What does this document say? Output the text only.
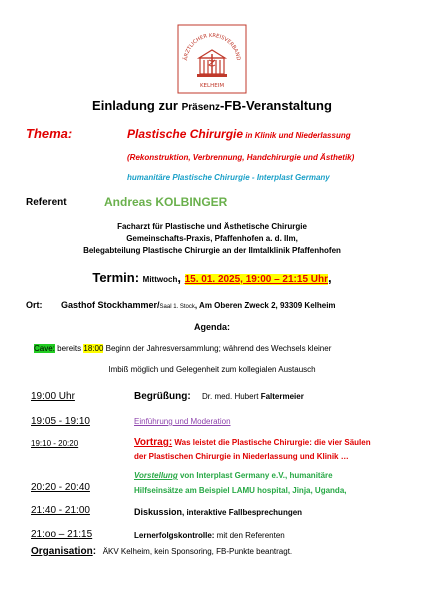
ÄRZTLICHER KREISVERBAND
KELHEIM
Einladung zur Präsenz-FB-Veranstaltung
Thema:	Plastische Chirurgie in Klinik und Niederlassung
(Rekonstruktion, Verbrennung, Handchirurgie und Ästhetik)
humanitäre Plastische Chirurgie - Interplast Germany
Referent	Andreas KOLBINGER
Facharzt für Plastische und Ästhetische Chirurgie
Gemeinschafts-Praxis, Pfaffenhofen a. d. Ilm,
Belegabteilung Plastische Chirurgie an der Ilmtalklinik Pfaffenhofen
Termin: Mittwoch, 15. 01. 2025, 19:00 – 21:15 Uhr,
Ort: Gasthof Stockhammer/Saal 1. Stock, Am Oberen Zweck 2, 93309 Kelheim
Agenda:
Cave: bereits 18:00 Beginn der Jahresversammlung; während des Wechsels kleiner
Imbiß möglich und Gelegenheit zum kollegialen Austausch
19:00 Uhr	Begrüßung: Dr. med. Hubert Faltermeier
19:05 - 19:10	Einführung und Moderation
19:10 - 20:20	Vortrag: Was leistet die Plastische Chirurgie: die vier Säulen
der Plastischen Chirurgie in Niederlassung und Klinik …
Vorstellung von Interplast Germany e.V., humanitäre
20:20 - 20:40	Hilfseinsätze am Beispiel LAMU hospital, Jinja, Uganda,
21:40 - 21:00	Diskussion, interaktive Fallbesprechungen
21:oo – 21:15	Lernerfolgskontrolle: mit den Referenten
Organisation: ÄKV Kelheim, kein Sponsoring, FB-Punkte beantragt.
